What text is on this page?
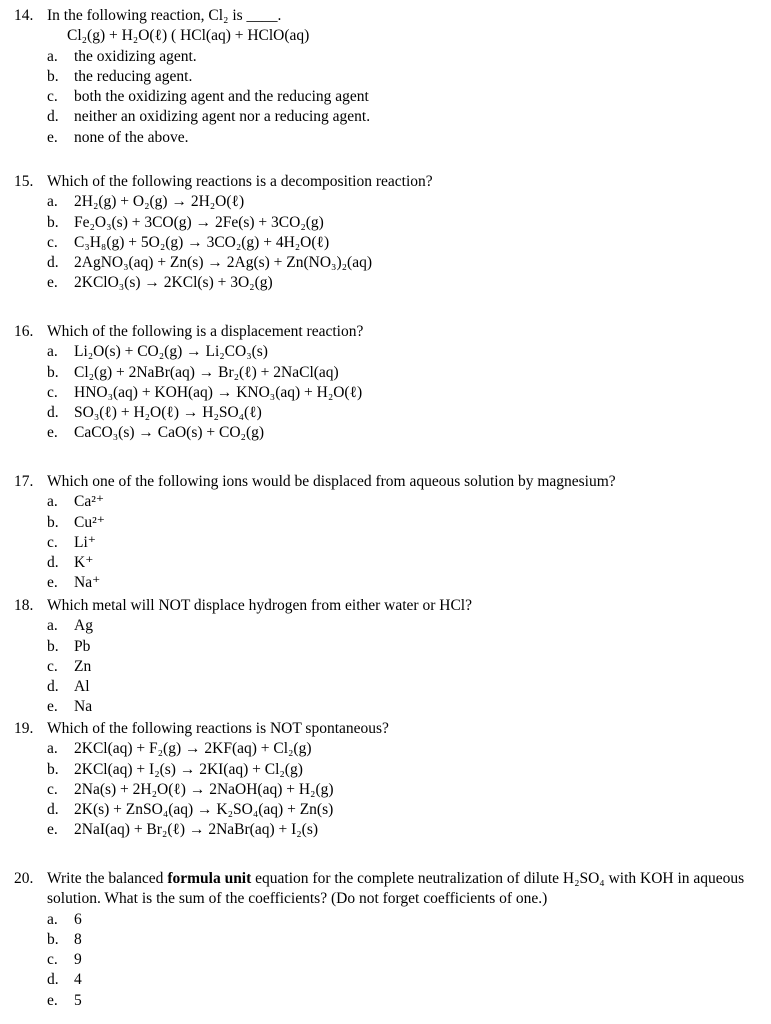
14. In the following reaction, Cl₂ is ____.
Cl₂(g) + H₂O(ℓ) ( HCl(aq) + HClO(aq)
a. the oxidizing agent.
b. the reducing agent.
c. both the oxidizing agent and the reducing agent
d. neither an oxidizing agent nor a reducing agent.
e. none of the above.
15. Which of the following reactions is a decomposition reaction?
a. 2H₂(g) + O₂(g) → 2H₂O(ℓ)
b. Fe₂O₃(s) + 3CO(g) → 2Fe(s) + 3CO₂(g)
c. C₃H₈(g) + 5O₂(g) → 3CO₂(g) + 4H₂O(ℓ)
d. 2AgNO₃(aq) + Zn(s) → 2Ag(s) + Zn(NO₃)₂(aq)
e. 2KClO₃(s) → 2KCl(s) + 3O₂(g)
16. Which of the following is a displacement reaction?
a. Li₂O(s) + CO₂(g) → Li₂CO₃(s)
b. Cl₂(g) + 2NaBr(aq) → Br₂(ℓ) + 2NaCl(aq)
c. HNO₃(aq) + KOH(aq) → KNO₃(aq) + H₂O(ℓ)
d. SO₃(ℓ) + H₂O(ℓ) → H₂SO₄(ℓ)
e. CaCO₃(s) → CaO(s) + CO₂(g)
17. Which one of the following ions would be displaced from aqueous solution by magnesium?
a. Ca²⁺
b. Cu²⁺
c. Li⁺
d. K⁺
e. Na⁺
18. Which metal will NOT displace hydrogen from either water or HCl?
a. Ag
b. Pb
c. Zn
d. Al
e. Na
19. Which of the following reactions is NOT spontaneous?
a. 2KCl(aq) + F₂(g) → 2KF(aq) + Cl₂(g)
b. 2KCl(aq) + I₂(s) → 2KI(aq) + Cl₂(g)
c. 2Na(s) + 2H₂O(ℓ) → 2NaOH(aq) + H₂(g)
d. 2K(s) + ZnSO₄(aq) → K₂SO₄(aq) + Zn(s)
e. 2NaI(aq) + Br₂(ℓ) → 2NaBr(aq) + I₂(s)
20. Write the balanced formula unit equation for the complete neutralization of dilute H₂SO₄ with KOH in aqueous solution. What is the sum of the coefficients? (Do not forget coefficients of one.)
a. 6
b. 8
c. 9
d. 4
e. 5
